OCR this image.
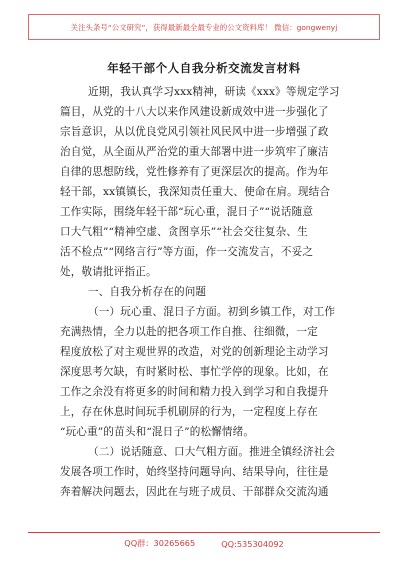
关注头条号“公文研究”，获得最新最全最专业的公文资料库！ 微信：gongwenyj
年轻干部个人自我分析交流发言材料
近期，我认真学习xxx精神，研读《xxx》等规定学习
篇目，从党的十八大以来作风建设新成效中进一步强化了
宗旨意识，从以优良党风引领社风民风中进一步增强了政
治自觉，从全面从严治党的重大部署中进一步筑牢了廉洁
自律的思想防线，党性修养有了更深层次的提高。作为年
轻干部，xx镇镇长，我深知责任重大、使命在肩。现结合
工作实际，围绕年轻干部“玩心重，混日子”“说话随意
口大气粗”“精神空虚、贪图享乐”“社会交往复杂、生
活不检点”“网络言行”等方面，作一交流发言，不妥之
处，敬请批评指正。
一、自我分析存在的问题
（一）玩心重、混日子方面。初到乡镇工作，对工作
充满热情，全力以赴的把各项工作自推、往细微，一定
程度放松了对主观世界的改造，对党的创新理论主动学习
深度思考欠缺，有时紧时松、事忙学停的现象。比如，在
工作之余没有将更多的时间和精力投入到学习和自我提升
上，存在休息时间玩手机刷屏的行为，一定程度上存在
“玩心重”的苗头和“混日子”的松懈情绪。
（二）说话随意、口大气粗方面。推进全镇经济社会
发展各项工作时，始终坚持问题导向、结果导向，往往是
奔着解决问题去，因此在与班子成员、干部群众交流沟通
QQ群：30265665	QQ:535304092
